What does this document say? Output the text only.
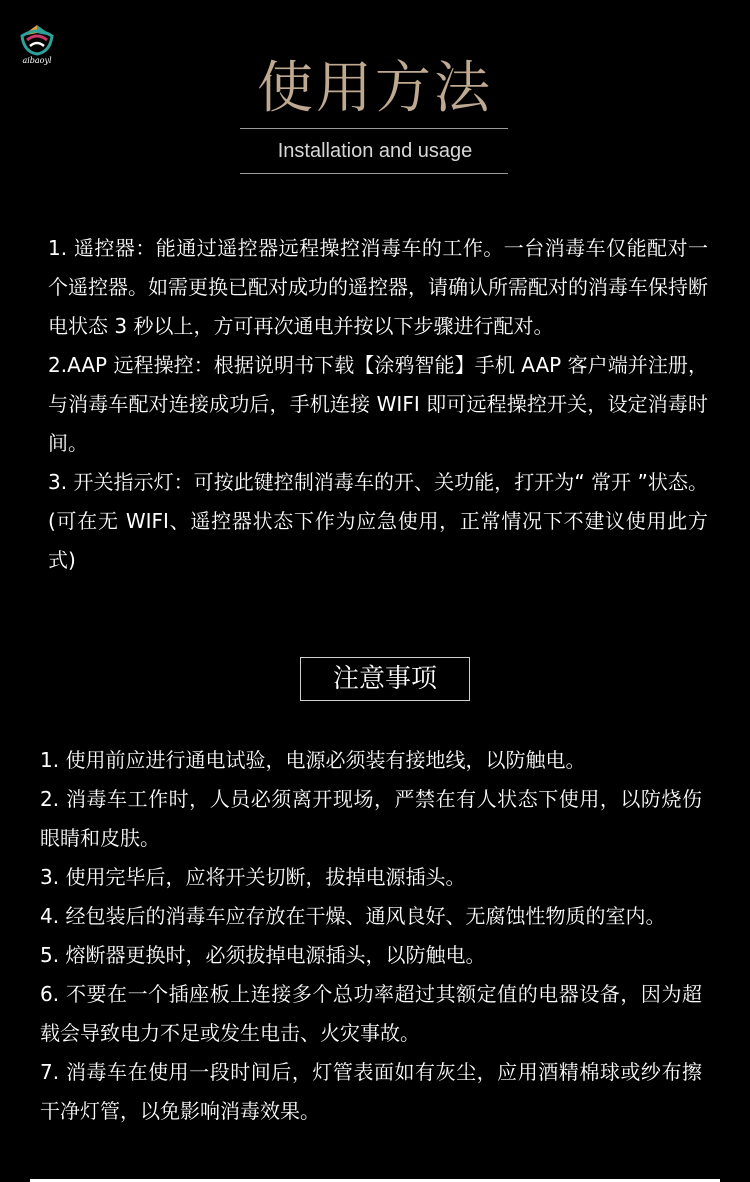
aibaoyl	使用方法
Installation and usage

1. 遥控器：能通过遥控器远程操控消毒车的工作。一台消毒车仅能配对一个遥控器。如需更换已配对成功的遥控器，请确认所需配对的消毒车保持断电状态 3 秒以上，方可再次通电并按以下步骤进行配对。

2.AAP 远程操控：根据说明书下载【涂鸦智能】手机 AAP 客户端并注册，与消毒车配对连接成功后，手机连接 WIFI 即可远程操控开关，设定消毒时间。

3. 开关指示灯：可按此键控制消毒车的开、关功能，打开为“ 常开 ”状态。(可在无 WIFI、遥控器状态下作为应急使用，正常情况下不建议使用此方式)

注意事项

1. 使用前应进行通电试验，电源必须装有接地线，以防触电。

2. 消毒车工作时，人员必须离开现场，严禁在有人状态下使用，以防烧伤眼睛和皮肤。

3. 使用完毕后，应将开关切断，拔掉电源插头。

4. 经包装后的消毒车应存放在干燥、通风良好、无腐蚀性物质的室内。

5. 熔断器更换时，必须拔掉电源插头，以防触电。

6. 不要在一个插座板上连接多个总功率超过其额定值的电器设备，因为超载会导致电力不足或发生电击、火灾事故。

7. 消毒车在使用一段时间后，灯管表面如有灰尘，应用酒精棉球或纱布擦干净灯管，以免影响消毒效果。
